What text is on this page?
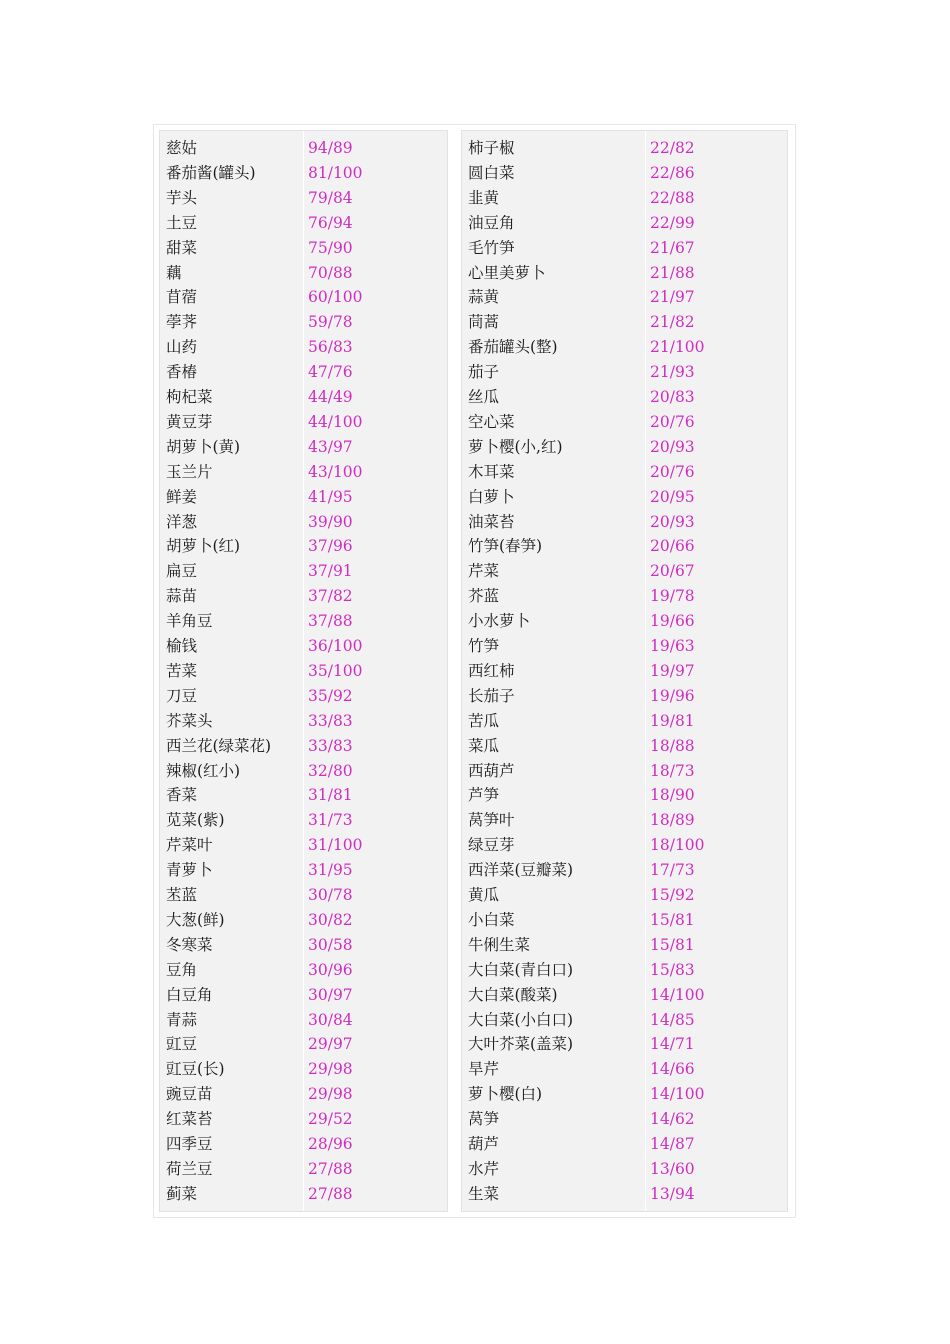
慈姑	94/89
番茄酱(罐头)	81/100
芋头	79/84
土豆	76/94
甜菜	75/90
藕	70/88
苜蓿	60/100
荸荠	59/78
山药	56/83
香椿	47/76
枸杞菜	44/49
黄豆芽	44/100
胡萝卜(黄)	43/97
玉兰片	43/100
鲜姜	41/95
洋葱	39/90
胡萝卜(红)	37/96
扁豆	37/91
蒜苗	37/82
羊角豆	37/88
榆钱	36/100
苦菜	35/100
刀豆	35/92
芥菜头	33/83
西兰花(绿菜花) 33/83
辣椒(红小)	32/80
香菜	31/81
苋菜(紫)	31/73
芹菜叶	31/100
青萝卜	31/95
苤蓝	30/78
大葱(鲜)	30/82
冬寒菜	30/58
豆角	30/96
白豆角	30/97
青蒜	30/84
豇豆	29/97
豇豆(长)	29/98
豌豆苗	29/98
红菜苔	29/52
四季豆	28/96
荷兰豆	27/88
蓟菜	27/88
柿子椒	22/82
圆白菜	22/86
韭黄	22/88
油豆角	22/99
毛竹笋	21/67
心里美萝卜	21/88
蒜黄	21/97
茼蒿	21/82
番茄罐头(整)	21/100
茄子	21/93
丝瓜	20/83
空心菜	20/76
萝卜樱(小,红)	20/93
木耳菜	20/76
白萝卜	20/95
油菜苔	20/93
竹笋(春笋)	20/66
芹菜	20/67
芥蓝	19/78
小水萝卜	19/66
竹笋	19/63
西红柿	19/97
长茄子	19/96
苦瓜	19/81
菜瓜	18/88
西葫芦	18/73
芦笋	18/90
莴笋叶	18/89
绿豆芽	18/100
西洋菜(豆瓣菜)	17/73
黄瓜	15/92
小白菜	15/81
牛俐生菜	15/81
大白菜(青白口)	15/83
大白菜(酸菜)	14/100
大白菜(小白口)	14/85
大叶芥菜(盖菜)	14/71
旱芹	14/66
萝卜樱(白)	14/100
莴笋	14/62
葫芦	14/87
水芹	13/60
生菜	13/94
